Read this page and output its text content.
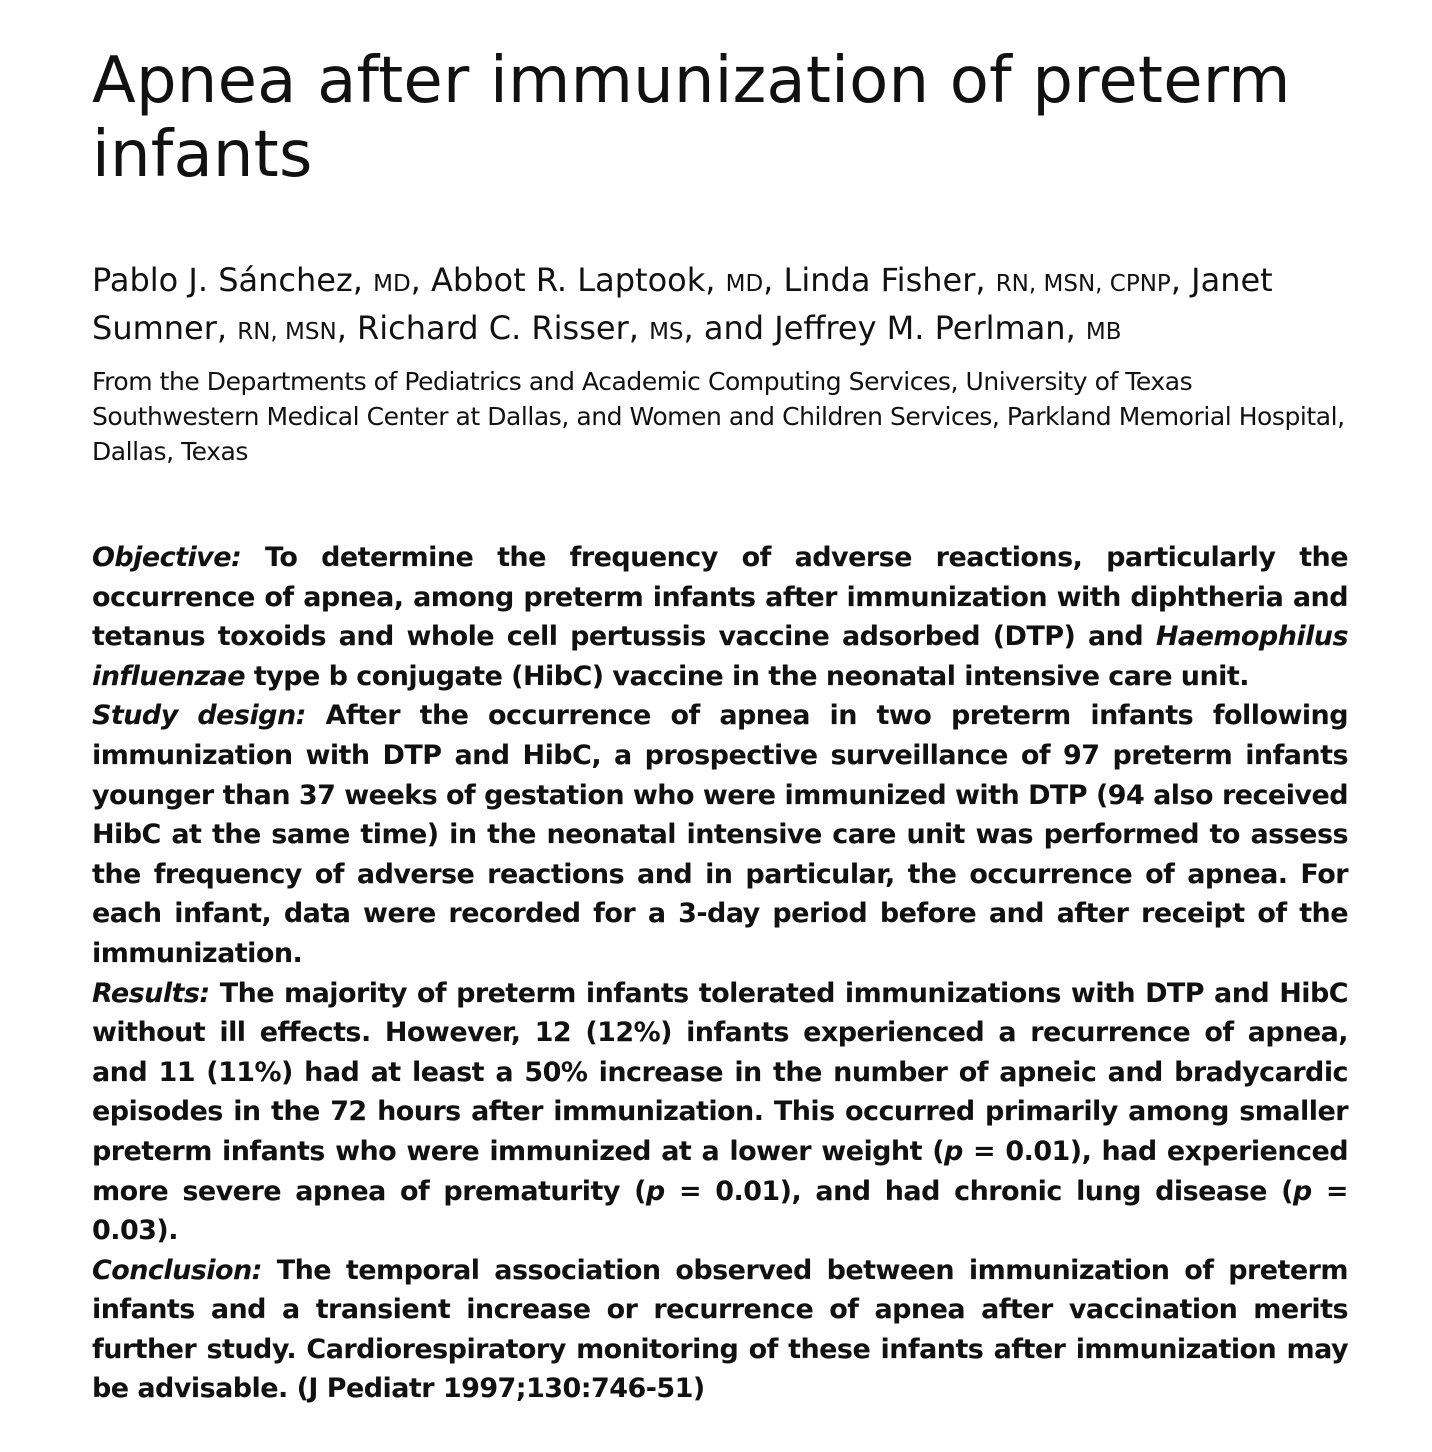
Apnea after immunization of preterm infants

Pablo J. Sánchez, MD, Abbot R. Laptook, MD, Linda Fisher, RN, MSN, CPNP, Janet Sumner, RN, MSN, Richard C. Risser, MS, and Jeffrey M. Perlman, MB

From the Departments of Pediatrics and Academic Computing Services, University of Texas Southwestern Medical Center at Dallas, and Women and Children Services, Parkland Memorial Hospital, Dallas, Texas

Objective: To determine the frequency of adverse reactions, particularly the occurrence of apnea, among preterm infants after immunization with diphtheria and tetanus toxoids and whole cell pertussis vaccine adsorbed (DTP) and Haemophilus influenzae type b conjugate (HibC) vaccine in the neonatal intensive care unit.

Study design: After the occurrence of apnea in two preterm infants following immunization with DTP and HibC, a prospective surveillance of 97 preterm infants younger than 37 weeks of gestation who were immunized with DTP (94 also received HibC at the same time) in the neonatal intensive care unit was performed to assess the frequency of adverse reactions and in particular, the occurrence of apnea. For each infant, data were recorded for a 3-day period before and after receipt of the immunization.

Results: The majority of preterm infants tolerated immunizations with DTP and HibC without ill effects. However, 12 (12%) infants experienced a recurrence of apnea, and 11 (11%) had at least a 50% increase in the number of apneic and bradycardic episodes in the 72 hours after immunization. This occurred primarily among smaller preterm infants who were immunized at a lower weight (p = 0.01), had experienced more severe apnea of prematurity (p = 0.01), and had chronic lung disease (p = 0.03).

Conclusion: The temporal association observed between immunization of preterm infants and a transient increase or recurrence of apnea after vaccination merits further study. Cardiorespiratory monitoring of these infants after immunization may be advisable. (J Pediatr 1997;130:746-51)
